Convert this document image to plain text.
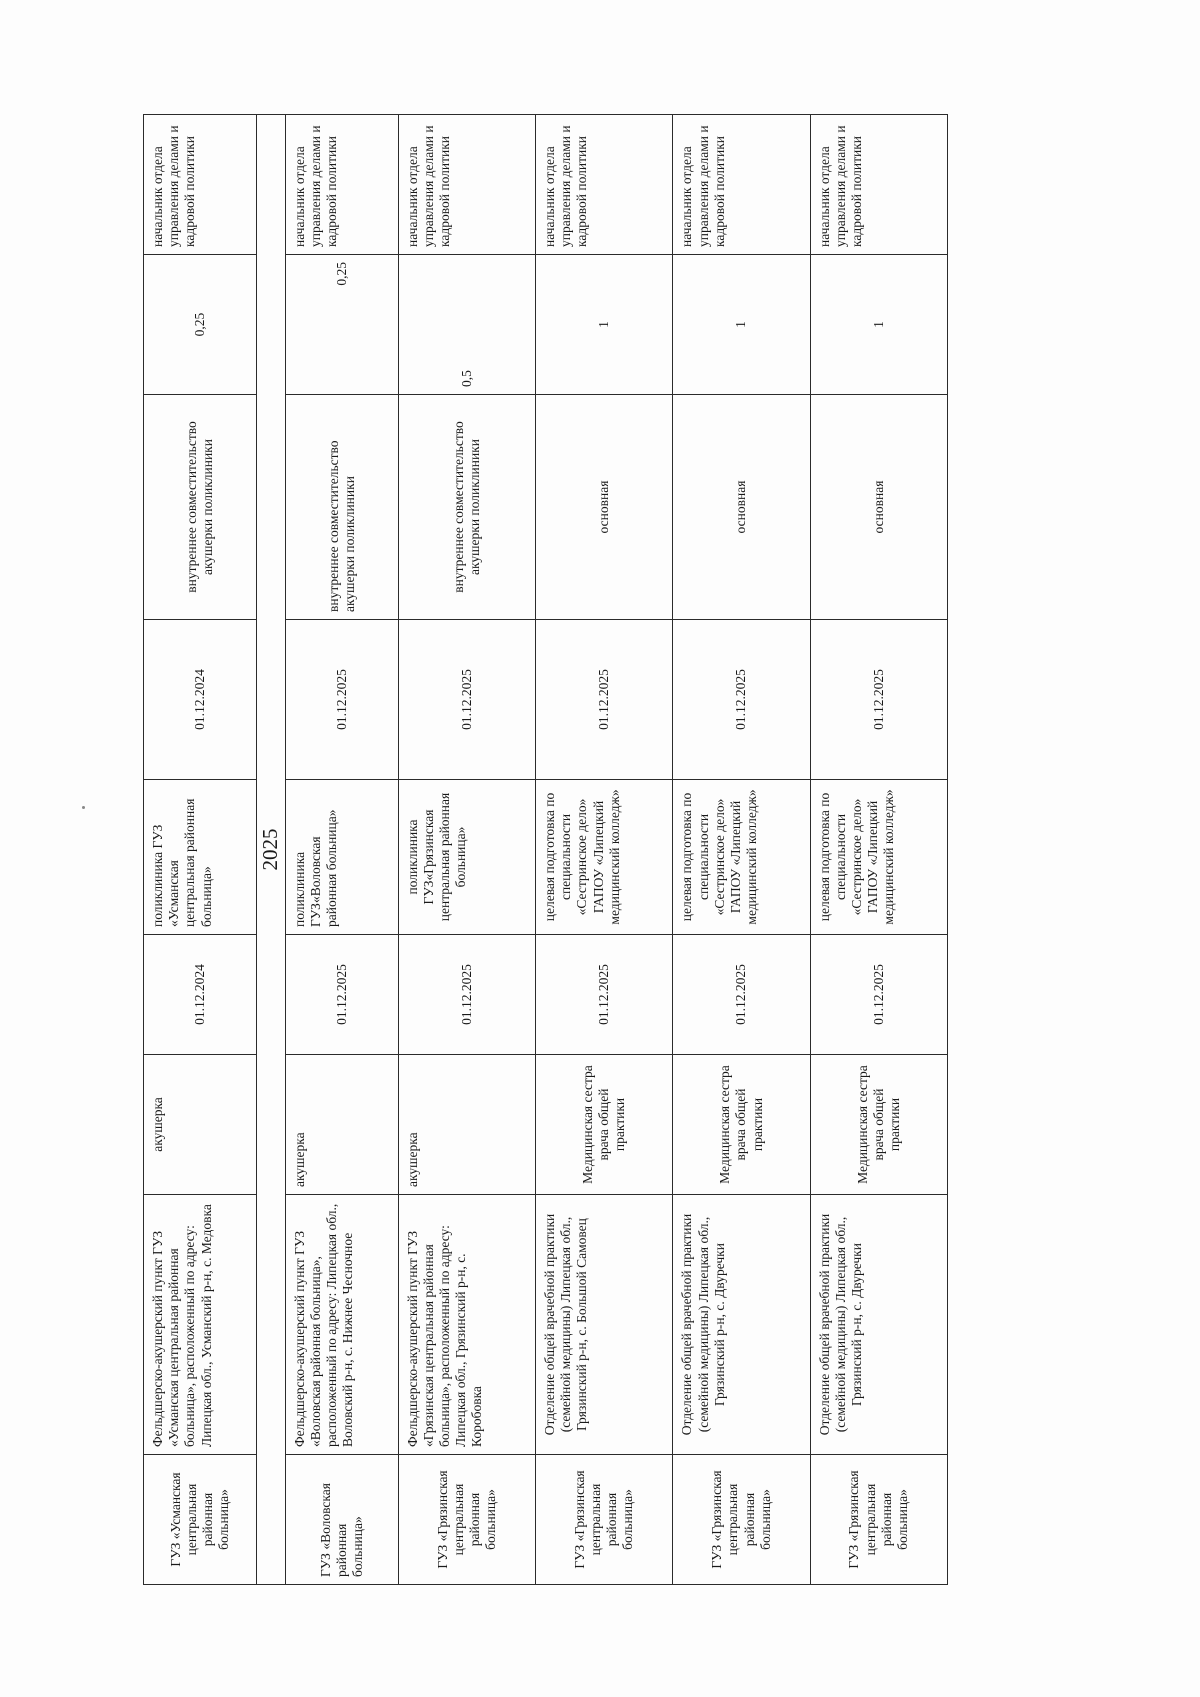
ГУЗ «Усманская центральная районная больница»	Фельдшерско-акушерский пункт ГУЗ «Усманская центральная районная больница», расположенный по адресу: Липецкая обл., Усманский р-н, с. Медовка	акушерка	01.12.2024	поликлиника ГУЗ «Усманская центральная районная больница»	01.12.2024	внутреннее совместительство акушерки поликлиники	0,25	начальник отдела управления делами и кадровой политики
2025								
ГУЗ «Воловская районная больница»	Фельдшерско-акушерский пункт ГУЗ «Воловская районная больница», расположенный по адресу: Липецкая обл., Воловский р-н, с. Нижнее Чесночное	акушерка	01.12.2025	поликлиника ГУЗ«Воловская районная больница»	01.12.2025	внутреннее совместительство акушерки поликлиники	0,25	начальник отдела управления делами и кадровой политики
ГУЗ «Грязинская центральная районная больница»	Фельдшерско-акушерский пункт ГУЗ «Грязинская центральная районная больница», расположенный по адресу: Липецкая обл., Грязинский р-н, с. Коробовка	акушерка	01.12.2025	поликлиника ГУЗ«Грязинская центральная районная больница»	01.12.2025	внутреннее совместительство акушерки поликлиники	0,5	начальник отдела управления делами и кадровой политики
ГУЗ «Грязинская центральная районная больница»	Отделение общей врачебной практики (семейной медицины) Липецкая обл., Грязинский р-н, с. Большой Самовец	Медицинская сестра врача общей практики	01.12.2025	целевая подготовка по специальности «Сестринское дело» ГАПОУ «Липецкий медицинский колледж»	01.12.2025	основная	1	начальник отдела управления делами и кадровой политики
ГУЗ «Грязинская центральная районная больница»	Отделение общей врачебной практики (семейной медицины) Липецкая обл., Грязинский р-н, с. Двуречки	Медицинская сестра врача общей практики	01.12.2025	целевая подготовка по специальности «Сестринское дело» ГАПОУ «Липецкий медицинский колледж»	01.12.2025	основная	1	начальник отдела управления делами и кадровой политики
ГУЗ «Грязинская центральная районная больница»	Отделение общей врачебной практики (семейной медицины) Липецкая обл., Грязинский р-н, с. Двуречки	Медицинская сестра врача общей практики	01.12.2025	целевая подготовка по специальности «Сестринское дело» ГАПОУ «Липецкий медицинский колледж»	01.12.2025	основная	1	начальник отдела управления делами и кадровой политики
